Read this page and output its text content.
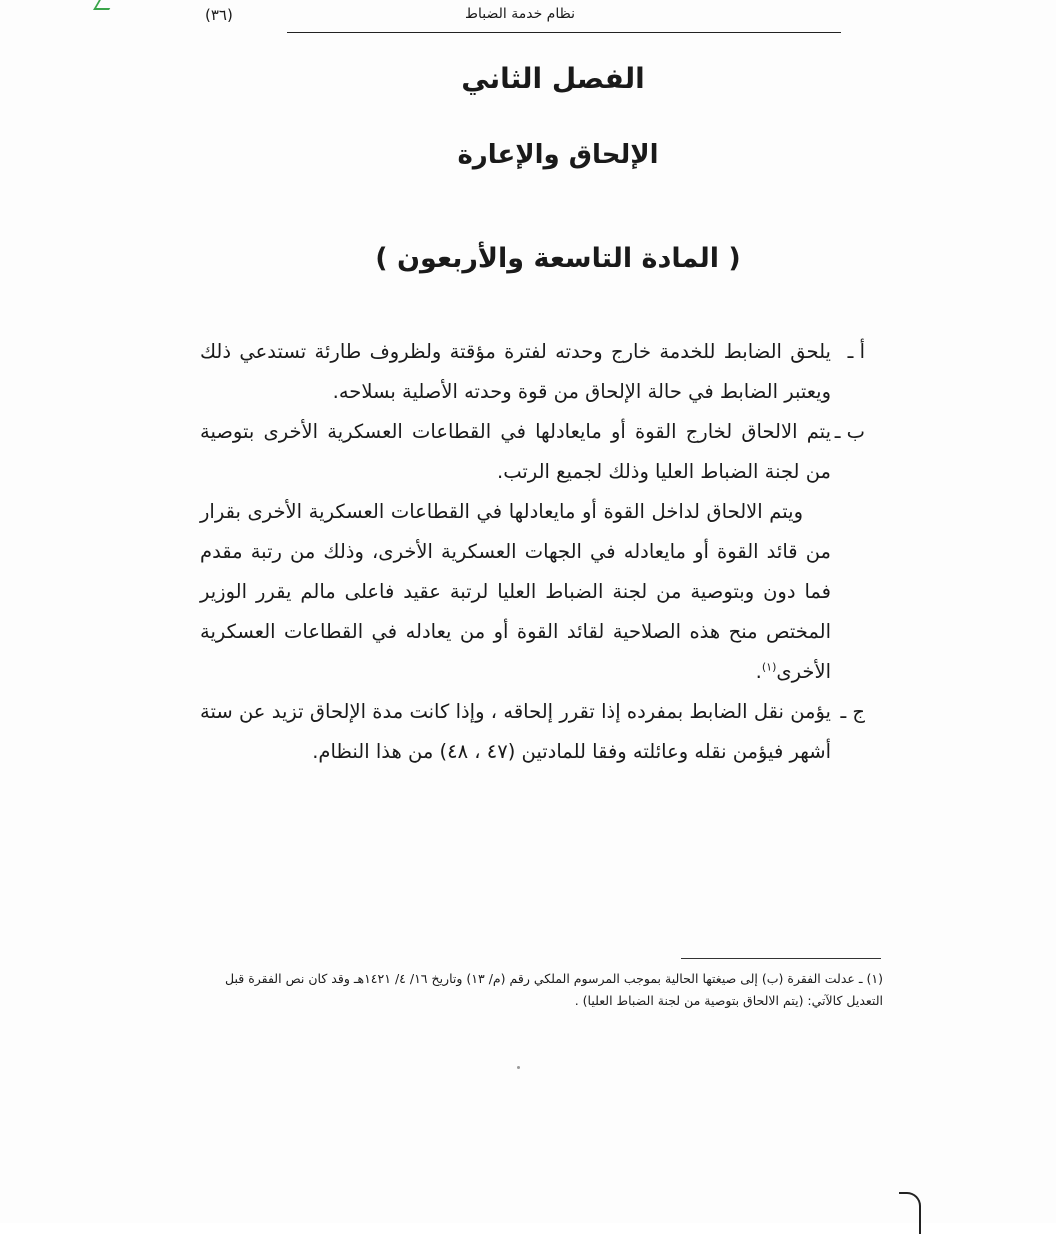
نظام خدمة الضباط
(٣٦)
الفصل الثاني
الإلحاق والإعارة
( المادة التاسعة والأربعون )

أ ـ
يلحق الضابط للخدمة خارج وحدته لفترة مؤقتة ولظروف طارئة تستدعي ذلك ويعتبر الضابط في حالة الإلحاق من قوة وحدته الأصلية بسلاحه.

ب ـ
يتم الالحاق لخارج القوة أو مايعادلها في القطاعات العسكرية الأخرى بتوصية من لجنة الضباط العليا وذلك لجميع الرتب.

ويتم الالحاق لداخل القوة أو مايعادلها في القطاعات العسكرية الأخرى بقرار من قائد القوة أو مايعادله في الجهات العسكرية الأخرى، وذلك من رتبة مقدم فما دون وبتوصية من لجنة الضباط العليا لرتبة عقيد فاعلى مالم يقرر الوزير المختص منح هذه الصلاحية لقائد القوة أو من يعادله في القطاعات العسكرية الأخرى$^{(١)}$.

ج ـ
يؤمن نقل الضابط بمفرده إذا تقرر إلحاقه ، وإذا كانت مدة الإلحاق تزيد عن ستة أشهر فيؤمن نقله وعائلته وفقا للمادتين (٤٧ ، ٤٨) من هذا النظام.

(١) ـ عدلت الفقرة (ب) إلى صيغتها الحالية بموجب المرسوم الملكي رقم (م/ ١٣) وتاريخ ١٦/ ٤/ ١٤٢١هـ وقد كان نص الفقرة قبل التعديل كالآتي: (يتم الالحاق بتوصية من لجنة الضباط العليا) .
